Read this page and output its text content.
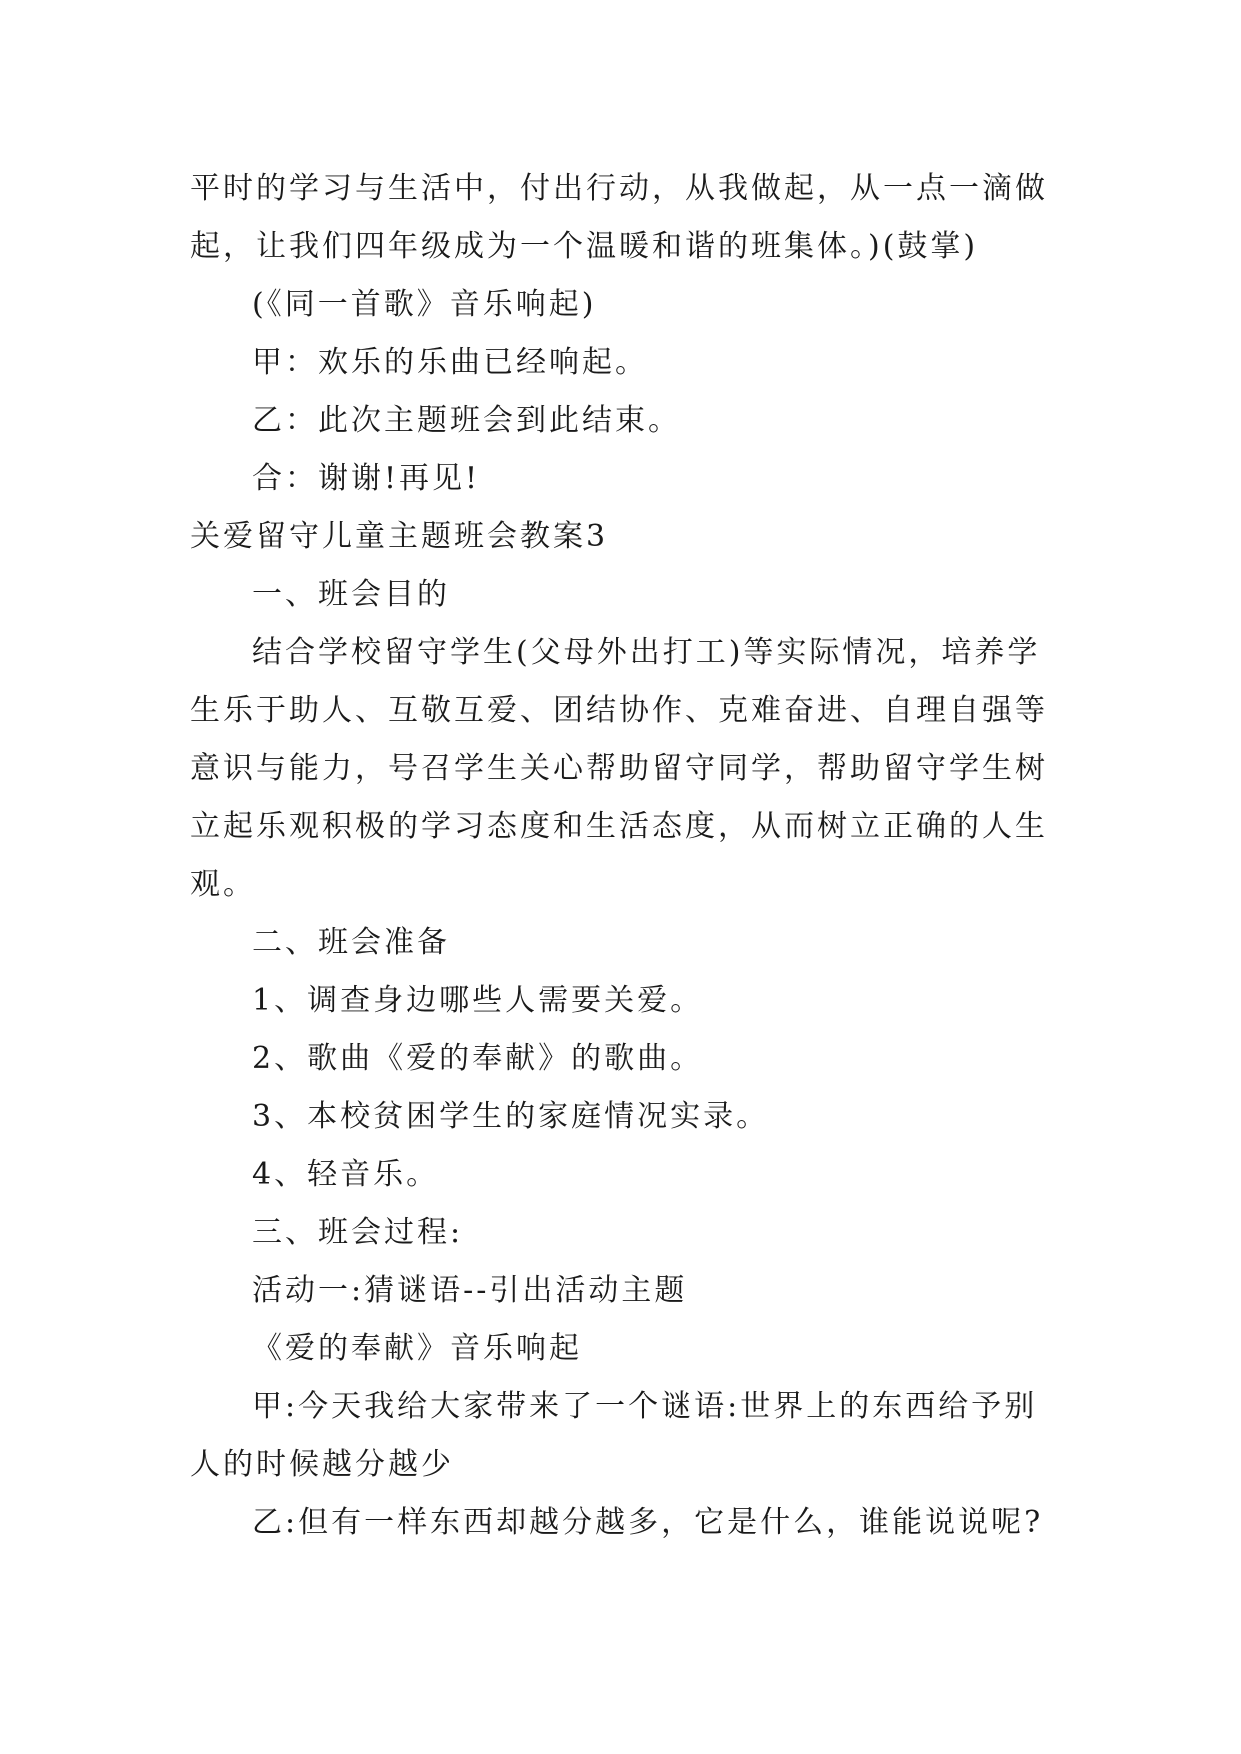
平时的学习与生活中，付出行动，从我做起，从一点一滴做
起，让我们四年级成为一个温暖和谐的班集体。)(鼓掌)
(《同一首歌》音乐响起)
甲：欢乐的乐曲已经响起。
乙：此次主题班会到此结束。
合：谢谢!再见!
关爱留守儿童主题班会教案3
一、班会目的
结合学校留守学生(父母外出打工)等实际情况，培养学
生乐于助人、互敬互爱、团结协作、克难奋进、自理自强等
意识与能力，号召学生关心帮助留守同学，帮助留守学生树
立起乐观积极的学习态度和生活态度，从而树立正确的人生
观。
二、班会准备
1、调查身边哪些人需要关爱。
2、歌曲《爱的奉献》的歌曲。
3、本校贫困学生的家庭情况实录。
4、轻音乐。
三、班会过程:
活动一:猜谜语--引出活动主题
《爱的奉献》音乐响起
甲:今天我给大家带来了一个谜语:世界上的东西给予别
人的时候越分越少
乙:但有一样东西却越分越多，它是什么，谁能说说呢?
